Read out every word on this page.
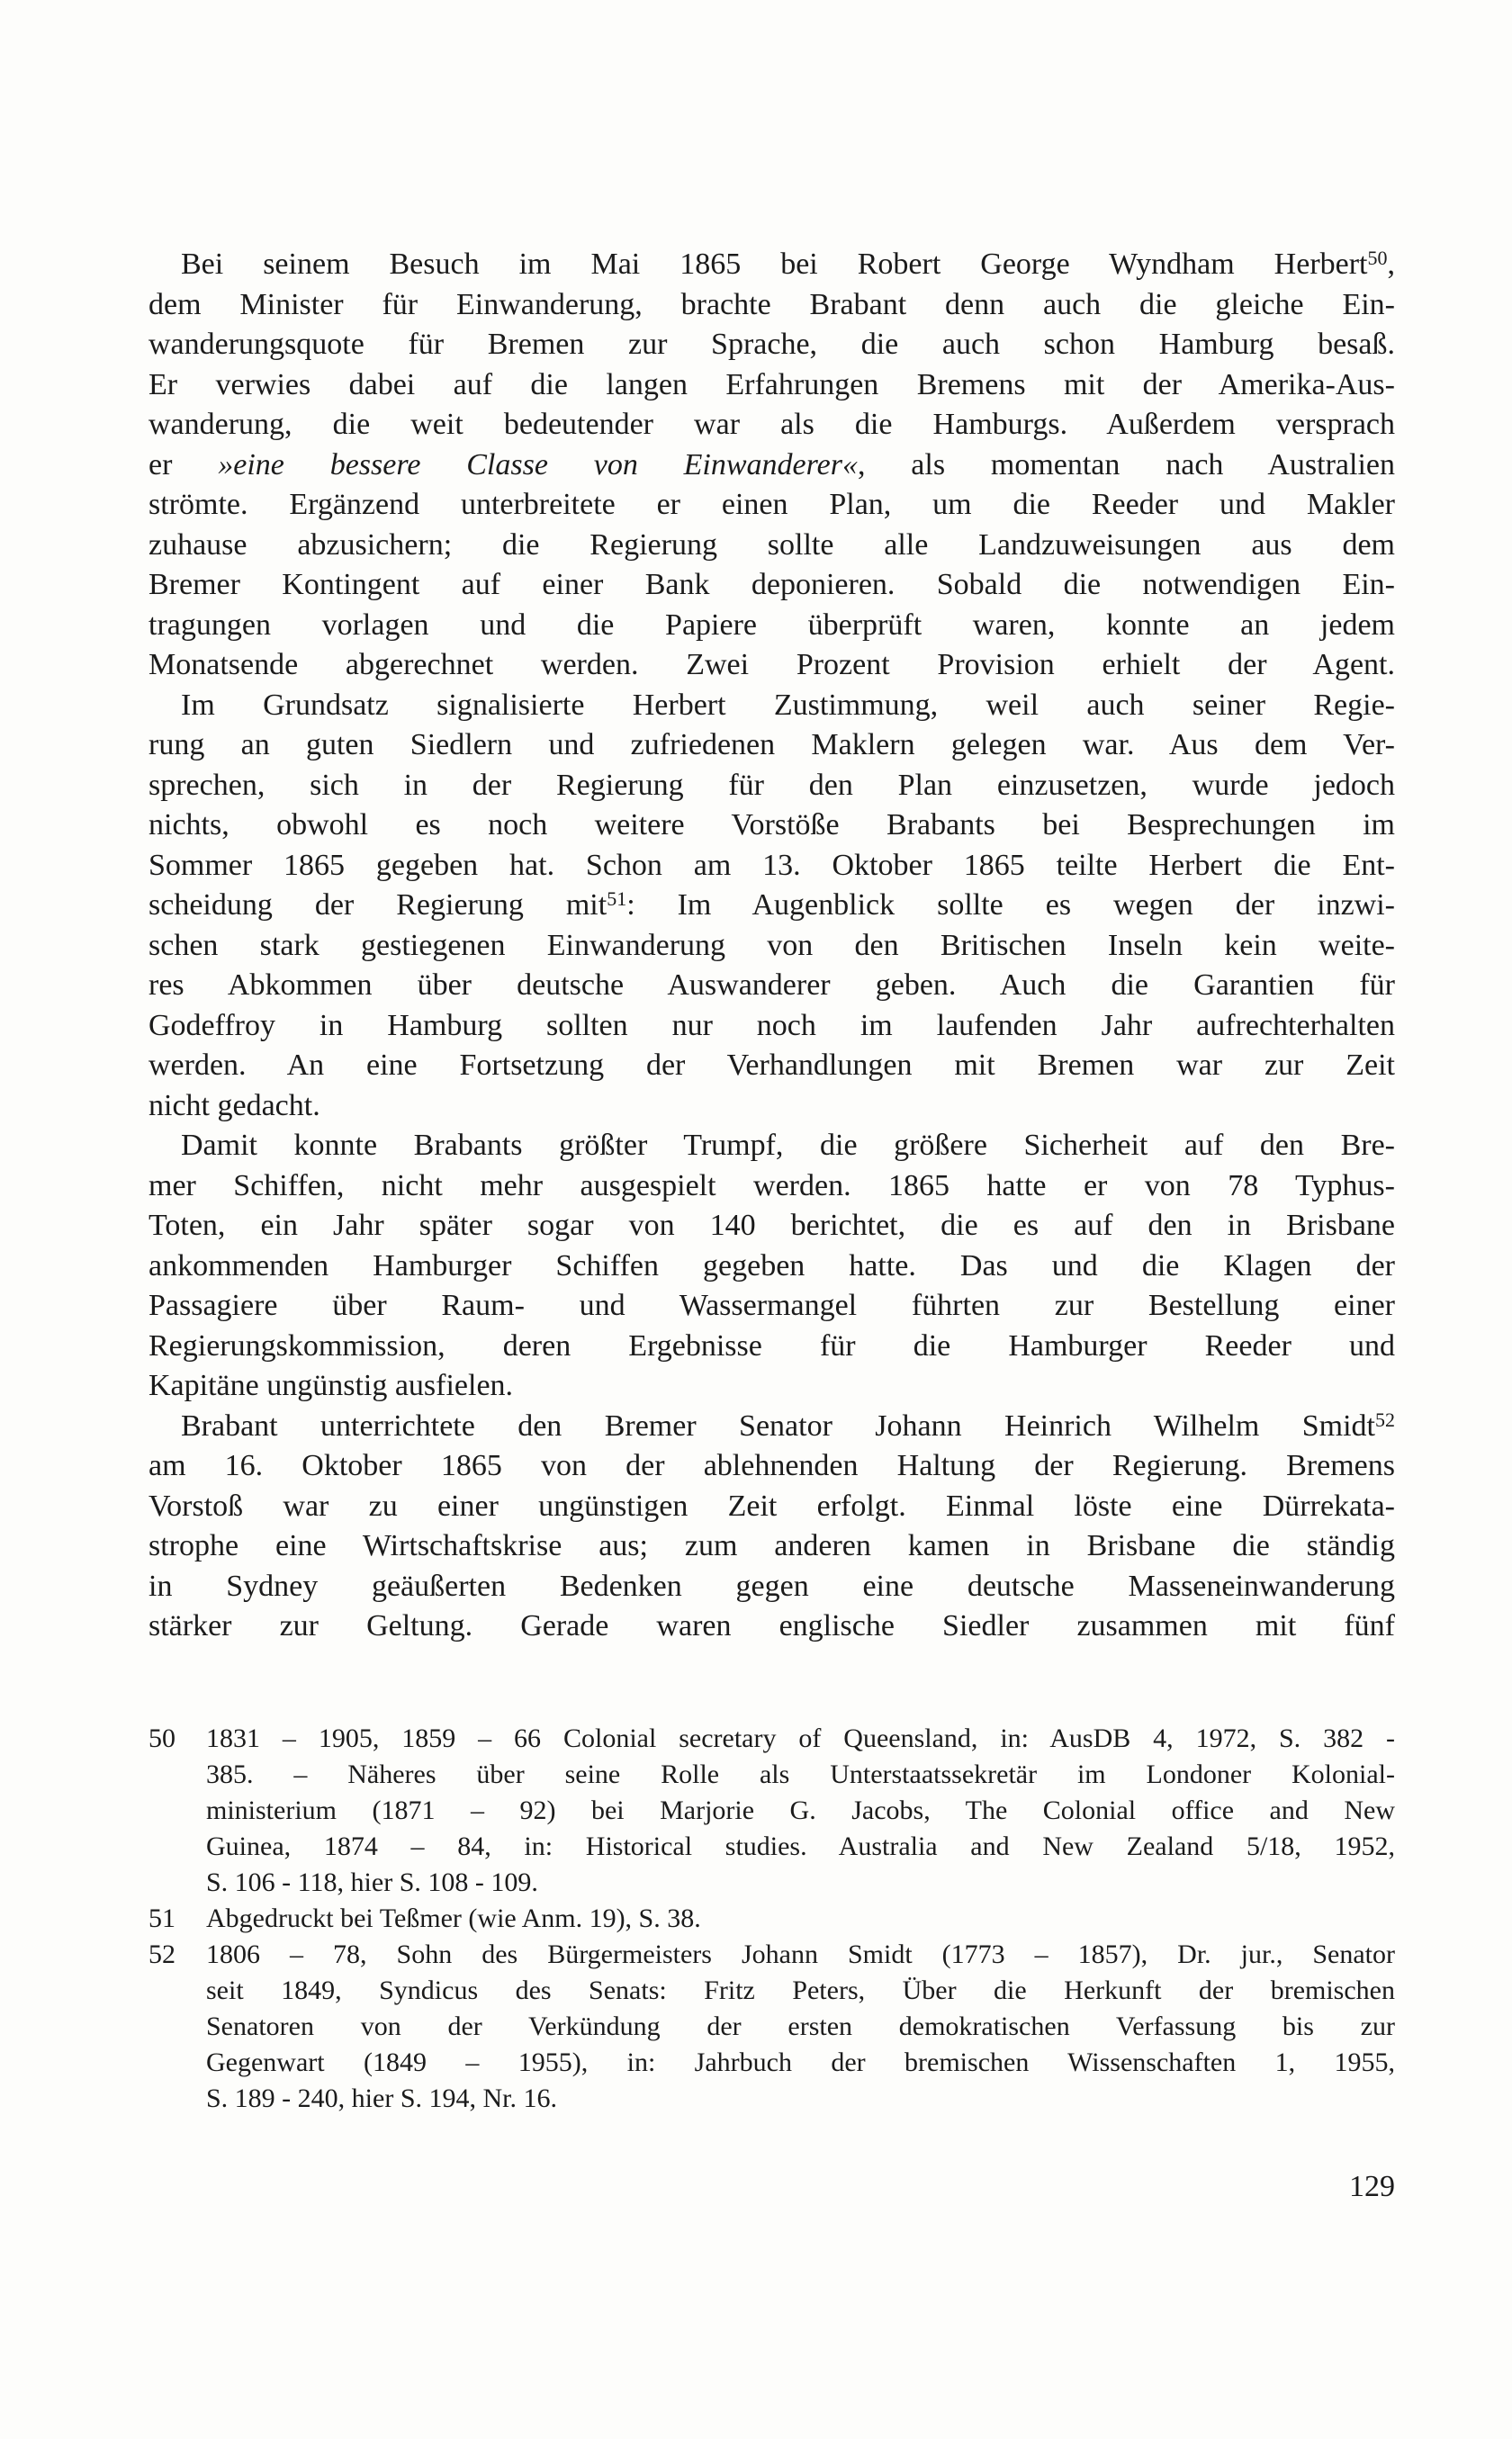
Bei seinem Besuch im Mai 1865 bei Robert George Wyndham Herbert$^{50}$,
dem Minister für Einwanderung, brachte Brabant denn auch die gleiche Ein-
wanderungsquote für Bremen zur Sprache, die auch schon Hamburg besaß.
Er verwies dabei auf die langen Erfahrungen Bremens mit der Amerika-Aus-
wanderung, die weit bedeutender war als die Hamburgs. Außerdem versprach
er »eine bessere Classe von Einwanderer«, als momentan nach Australien
strömte. Ergänzend unterbreitete er einen Plan, um die Reeder und Makler
zuhause abzusichern; die Regierung sollte alle Landzuweisungen aus dem
Bremer Kontingent auf einer Bank deponieren. Sobald die notwendigen Ein-
tragungen vorlagen und die Papiere überprüft waren, konnte an jedem
Monatsende abgerechnet werden. Zwei Prozent Provision erhielt der Agent.
Im Grundsatz signalisierte Herbert Zustimmung, weil auch seiner Regie-
rung an guten Siedlern und zufriedenen Maklern gelegen war. Aus dem Ver-
sprechen, sich in der Regierung für den Plan einzusetzen, wurde jedoch
nichts, obwohl es noch weitere Vorstöße Brabants bei Besprechungen im
Sommer 1865 gegeben hat. Schon am 13. Oktober 1865 teilte Herbert die Ent-
scheidung der Regierung mit$^{51}$: Im Augenblick sollte es wegen der inzwi-
schen stark gestiegenen Einwanderung von den Britischen Inseln kein weite-
res Abkommen über deutsche Auswanderer geben. Auch die Garantien für
Godeffroy in Hamburg sollten nur noch im laufenden Jahr aufrechterhalten
werden. An eine Fortsetzung der Verhandlungen mit Bremen war zur Zeit
nicht gedacht.
Damit konnte Brabants größter Trumpf, die größere Sicherheit auf den Bre-
mer Schiffen, nicht mehr ausgespielt werden. 1865 hatte er von 78 Typhus-
Toten, ein Jahr später sogar von 140 berichtet, die es auf den in Brisbane
ankommenden Hamburger Schiffen gegeben hatte. Das und die Klagen der
Passagiere über Raum- und Wassermangel führten zur Bestellung einer
Regierungskommission, deren Ergebnisse für die Hamburger Reeder und
Kapitäne ungünstig ausfielen.
Brabant unterrichtete den Bremer Senator Johann Heinrich Wilhelm Smidt$^{52}$
am 16. Oktober 1865 von der ablehnenden Haltung der Regierung. Bremens
Vorstoß war zu einer ungünstigen Zeit erfolgt. Einmal löste eine Dürrekata-
strophe eine Wirtschaftskrise aus; zum anderen kamen in Brisbane die ständig
in Sydney geäußerten Bedenken gegen eine deutsche Masseneinwanderung
stärker zur Geltung. Gerade waren englische Siedler zusammen mit fünf
50	1831 – 1905, 1859 – 66 Colonial secretary of Queensland, in: AusDB 4, 1972, S. 382 -
385. – Näheres über seine Rolle als Unterstaatssekretär im Londoner Kolonial-
ministerium (1871 – 92) bei Marjorie G. Jacobs, The Colonial office and New
Guinea, 1874 – 84, in: Historical studies. Australia and New Zealand 5/18, 1952,
S. 106 - 118, hier S. 108 - 109.
51	Abgedruckt bei Teßmer (wie Anm. 19), S. 38.
52	1806 – 78, Sohn des Bürgermeisters Johann Smidt (1773 – 1857), Dr. jur., Senator
seit 1849, Syndicus des Senats: Fritz Peters, Über die Herkunft der bremischen
Senatoren von der Verkündung der ersten demokratischen Verfassung bis zur
Gegenwart (1849 – 1955), in: Jahrbuch der bremischen Wissenschaften 1, 1955,
S. 189 - 240, hier S. 194, Nr. 16.
129
